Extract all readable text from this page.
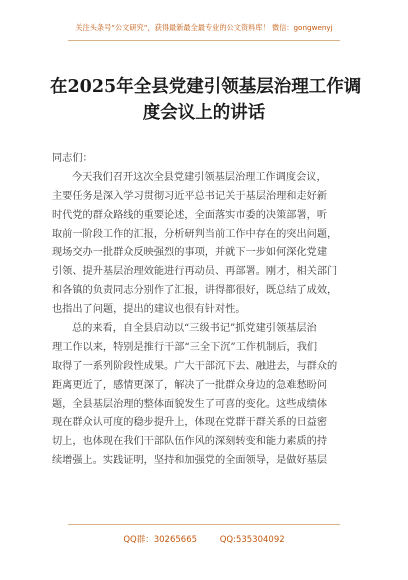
关注头条号“公文研究”，获得最新最全最专业的公文资料库！ 微信：gongwenyj
在2025年全县党建引领基层治理工作调
度会议上的讲话
同志们：
今天我们召开这次全县党建引领基层治理工作调度会议，
主要任务是深入学习贯彻习近平总书记关于基层治理和走好新
时代党的群众路线的重要论述，全面落实市委的决策部署，听
取前一阶段工作的汇报，分析研判当前工作中存在的突出问题，
现场交办一批群众反映强烈的事项，并就下一步如何深化党建
引领、提升基层治理效能进行再动员、再部署。刚才，相关部门
和各镇的负责同志分别作了汇报，讲得都很好，既总结了成效，
也指出了问题，提出的建议也很有针对性。
总的来看，自全县启动以“三级书记”抓党建引领基层治
理工作以来，特别是推行干部“三全下沉”工作机制后，我们
取得了一系列阶段性成果。广大干部沉下去、融进去，与群众的
距离更近了，感情更深了，解决了一批群众身边的急难愁盼问
题，全县基层治理的整体面貌发生了可喜的变化。这些成绩体
现在群众认可度的稳步提升上，体现在党群干群关系的日益密
切上，也体现在我们干部队伍作风的深刻转变和能力素质的持
续增强上。实践证明，坚持和加强党的全面领导，是做好基层
QQ群：30265665	QQ:535304092
